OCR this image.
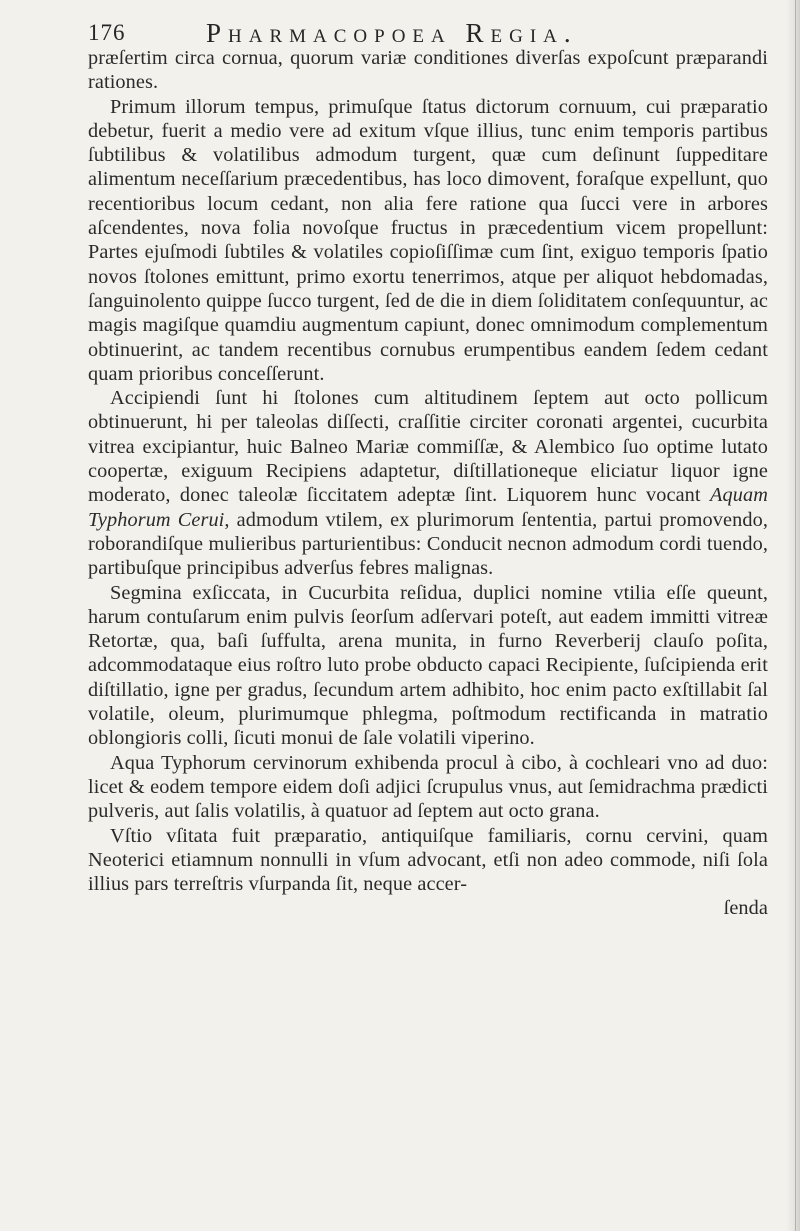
176	Pharmacopoea Regia.

præſertim circa cornua, quorum variæ conditiones diverſas expoſcunt præparandi rationes.

Primum illorum tempus, primuſque ſtatus dictorum cornuum, cui præparatio debetur, fuerit a medio vere ad exitum vſque illius, tunc enim temporis partibus ſubtilibus & volatilibus admodum turgent, quæ cum deſinunt ſuppeditare alimentum neceſſarium præcedentibus, has loco dimovent, foraſque expellunt, quo recentioribus locum cedant, non alia fere ratione qua ſucci vere in arbores aſcendentes, nova folia novoſque fructus in præcedentium vicem propellunt: Partes ejuſmodi ſubtiles & volatiles copioſiſſimæ cum ſint, exiguo temporis ſpatio novos ſtolones emittunt, primo exortu tenerrimos, atque per aliquot hebdomadas, ſanguinolento quippe ſucco turgent, ſed de die in diem ſoliditatem conſequuntur, ac magis magiſque quamdiu augmentum capiunt, donec omnimodum complementum obtinuerint, ac tandem recentibus cornubus erumpentibus eandem ſedem cedant quam prioribus conceſſerunt.

Accipiendi ſunt hi ſtolones cum altitudinem ſeptem aut octo pollicum obtinuerunt, hi per taleolas diſſecti, craſſitie circiter coronati argentei, cucurbita vitrea excipiantur, huic Balneo Mariæ commiſſæ, & Alembico ſuo optime lutato coopertæ, exiguum Recipiens adaptetur, diſtillationeque eliciatur liquor igne moderato, donec taleolæ ſiccitatem adeptæ ſint. Liquorem hunc vocant Aquam Typhorum Cerui, admodum vtilem, ex plurimorum ſententia, partui promovendo, roborandiſque mulieribus parturientibus: Conducit necnon admodum cordi tuendo, partibuſque principibus adverſus febres malignas.

Segmina exſiccata, in Cucurbita reſidua, duplici nomine vtilia eſſe queunt, harum contuſarum enim pulvis ſeorſum adſervari poteſt, aut eadem immitti vitreæ Retortæ, qua, baſi ſuffulta, arena munita, in furno Reverberij clauſo poſita, adcommodataque eius roſtro luto probe obducto capaci Recipiente, ſuſcipienda erit diſtillatio, igne per gradus, ſecundum artem adhibito, hoc enim pacto exſtillabit ſal volatile, oleum, plurimumque phlegma, poſtmodum rectificanda in matratio oblongioris colli, ſicuti monui de ſale volatili viperino.

Aqua Typhorum cervinorum exhibenda procul à cibo, à cochleari vno ad duo: licet & eodem tempore eidem doſi adjici ſcrupulus vnus, aut ſemidrachma prædicti pulveris, aut ſalis volatilis, à quatuor ad ſeptem aut octo grana.

Vſtio vſitata fuit præparatio, antiquiſque familiaris, cornu cervini, quam Neoterici etiamnum nonnulli in vſum advocant, etſi non adeo commode, niſi ſola illius pars terreſtris vſurpanda ſit, neque accer-

ſenda
